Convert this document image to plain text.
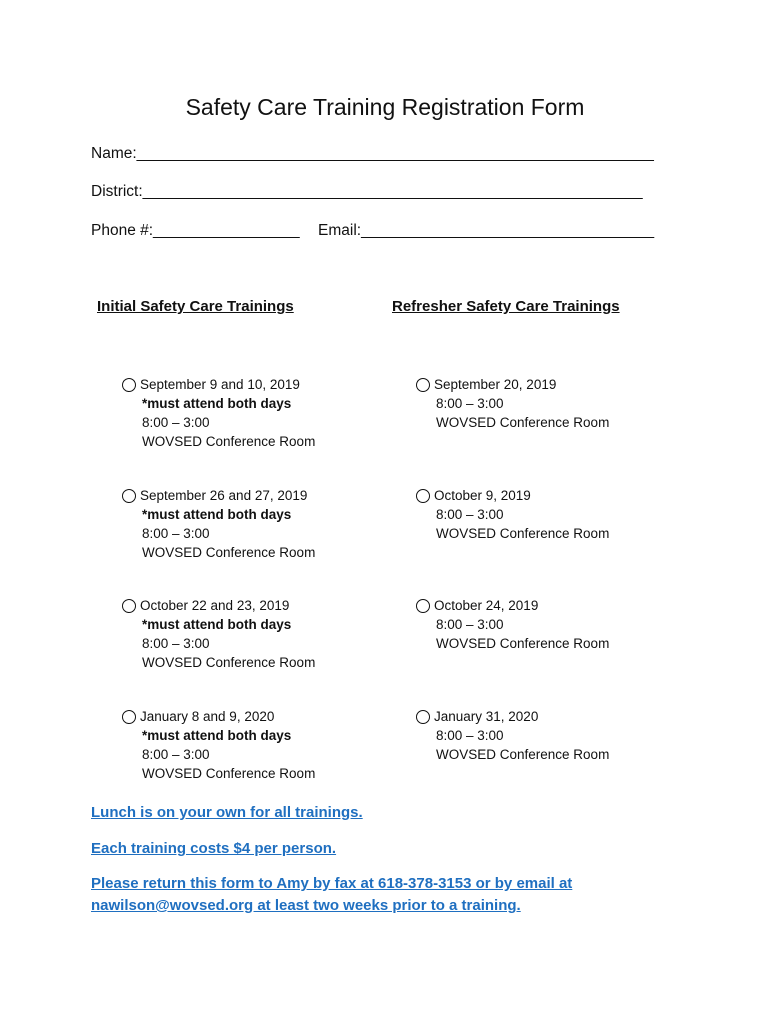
Safety Care Training Registration Form
Name:____________________________________________________________
District:__________________________________________________________
Phone #:_________________ Email:__________________________________
Initial Safety Care Trainings	Refresher Safety Care Trainings
September 9 and 10, 2019
*must attend both days
8:00 – 3:00
WOVSED Conference Room
September 26 and 27, 2019
*must attend both days
8:00 – 3:00
WOVSED Conference Room
October 22 and 23, 2019
*must attend both days
8:00 – 3:00
WOVSED Conference Room
January 8 and 9, 2020
*must attend both days
8:00 – 3:00
WOVSED Conference Room
September 20, 2019
8:00 – 3:00
WOVSED Conference Room
October 9, 2019
8:00 – 3:00
WOVSED Conference Room
October 24, 2019
8:00 – 3:00
WOVSED Conference Room
January 31, 2020
8:00 – 3:00
WOVSED Conference Room
Lunch is on your own for all trainings.
Each training costs $4 per person.
Please return this form to Amy by fax at 618-378-3153 or by email at
nawilson@wovsed.org at least two weeks prior to a training.
